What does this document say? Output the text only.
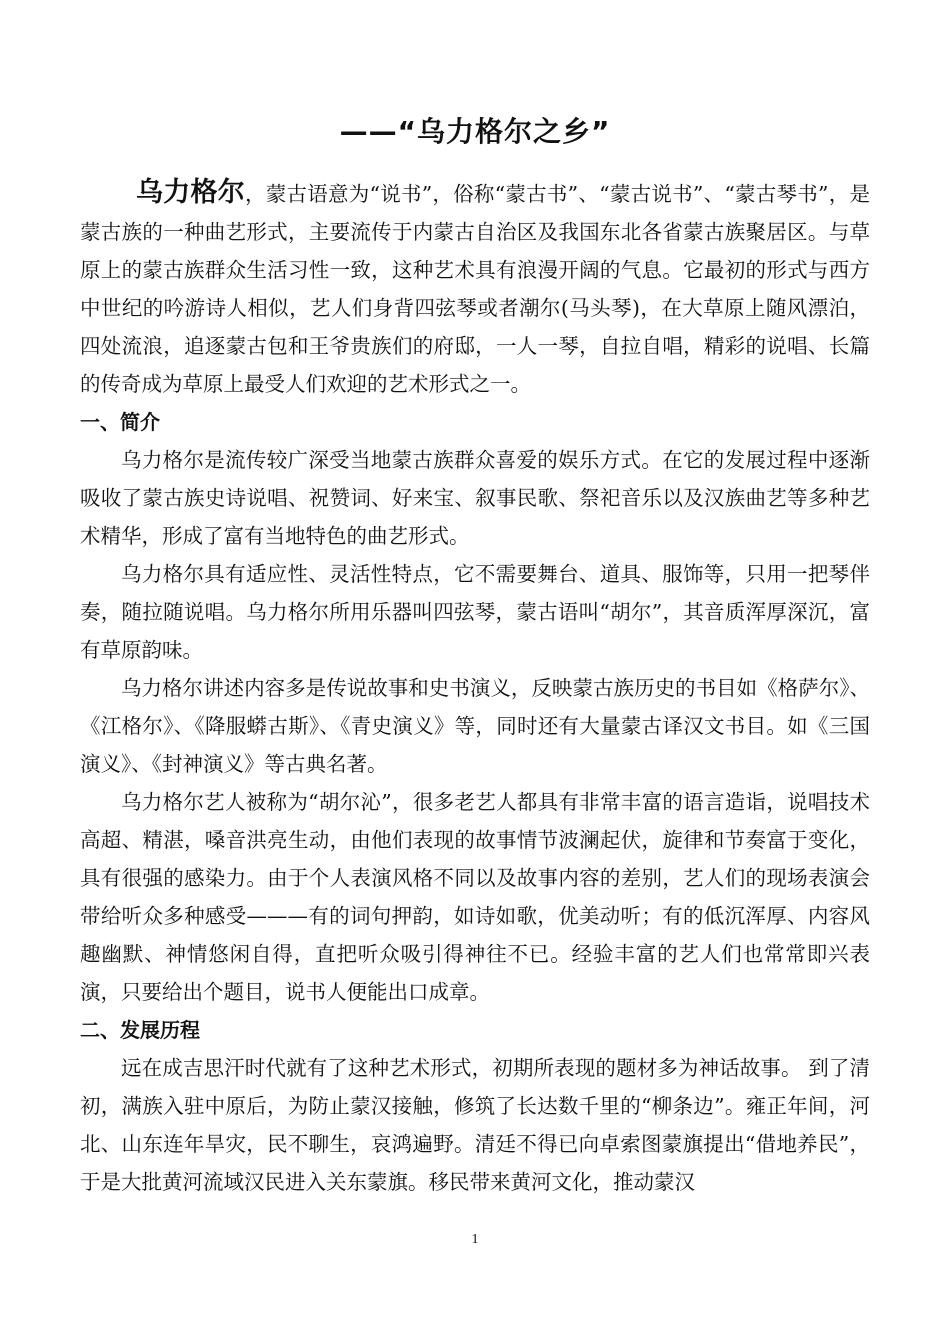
——“乌力格尔之乡”

乌力格尔，蒙古语意为“说书”，俗称“蒙古书”、“蒙古说书”、“蒙古琴书”，是蒙古族的一种曲艺形式，主要流传于内蒙古自治区及我国东北各省蒙古族聚居区。与草原上的蒙古族群众生活习性一致，这种艺术具有浪漫开阔的气息。它最初的形式与西方中世纪的吟游诗人相似，艺人们身背四弦琴或者潮尔(马头琴)，在大草原上随风漂泊，四处流浪，追逐蒙古包和王爷贵族们的府邸，一人一琴，自拉自唱，精彩的说唱、长篇的传奇成为草原上最受人们欢迎的艺术形式之一。

一、简介

乌力格尔是流传较广深受当地蒙古族群众喜爱的娱乐方式。在它的发展过程中逐渐吸收了蒙古族史诗说唱、祝赞词、好来宝、叙事民歌、祭祀音乐以及汉族曲艺等多种艺术精华，形成了富有当地特色的曲艺形式。

乌力格尔具有适应性、灵活性特点，它不需要舞台、道具、服饰等，只用一把琴伴奏，随拉随说唱。乌力格尔所用乐器叫四弦琴，蒙古语叫“胡尔”，其音质浑厚深沉，富有草原韵味。

乌力格尔讲述内容多是传说故事和史书演义，反映蒙古族历史的书目如《格萨尔》、《江格尔》、《降服蟒古斯》、《青史演义》等，同时还有大量蒙古译汉文书目。如《三国演义》、《封神演义》等古典名著。

乌力格尔艺人被称为“胡尔沁”，很多老艺人都具有非常丰富的语言造诣，说唱技术高超、精湛，嗓音洪亮生动，由他们表现的故事情节波澜起伏，旋律和节奏富于变化，具有很强的感染力。由于个人表演风格不同以及故事内容的差别，艺人们的现场表演会带给听众多种感受———有的词句押韵，如诗如歌，优美动听；有的低沉浑厚、内容风趣幽默、神情悠闲自得，直把听众吸引得神往不已。经验丰富的艺人们也常常即兴表演，只要给出个题目，说书人便能出口成章。

二、发展历程

远在成吉思汗时代就有了这种艺术形式，初期所表现的题材多为神话故事。 到了清初，满族入驻中原后，为防止蒙汉接触，修筑了长达数千里的“柳条边”。雍正年间，河北、山东连年旱灾，民不聊生，哀鸿遍野。清廷不得已向卓索图蒙旗提出“借地养民”，于是大批黄河流域汉民进入关东蒙旗。移民带来黄河文化，推动蒙汉

1
